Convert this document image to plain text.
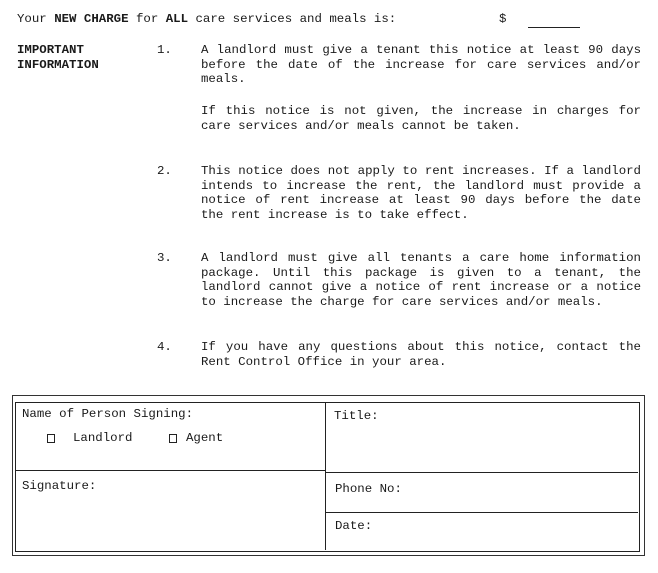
Your NEW CHARGE for ALL care services and meals is:	$
IMPORTANT
INFORMATION
1. A landlord must give a tenant this notice at least 90 days before the date of the increase for care services and/or meals.

If this notice is not given, the increase in charges for care services and/or meals cannot be taken.

2. This notice does not apply to rent increases. If a landlord intends to increase the rent, the landlord must provide a notice of rent increase at least 90 days before the date the rent increase is to take effect.

3. A landlord must give all tenants a care home information package. Until this package is given to a tenant, the landlord cannot give a notice of rent increase or a notice to increase the charge for care services and/or meals.

4. If you have any questions about this notice, contact the Rent Control Office in your area.

Name of Person Signing:
Landlord	Agent
Title:
Signature:	Phone No:
Date:
